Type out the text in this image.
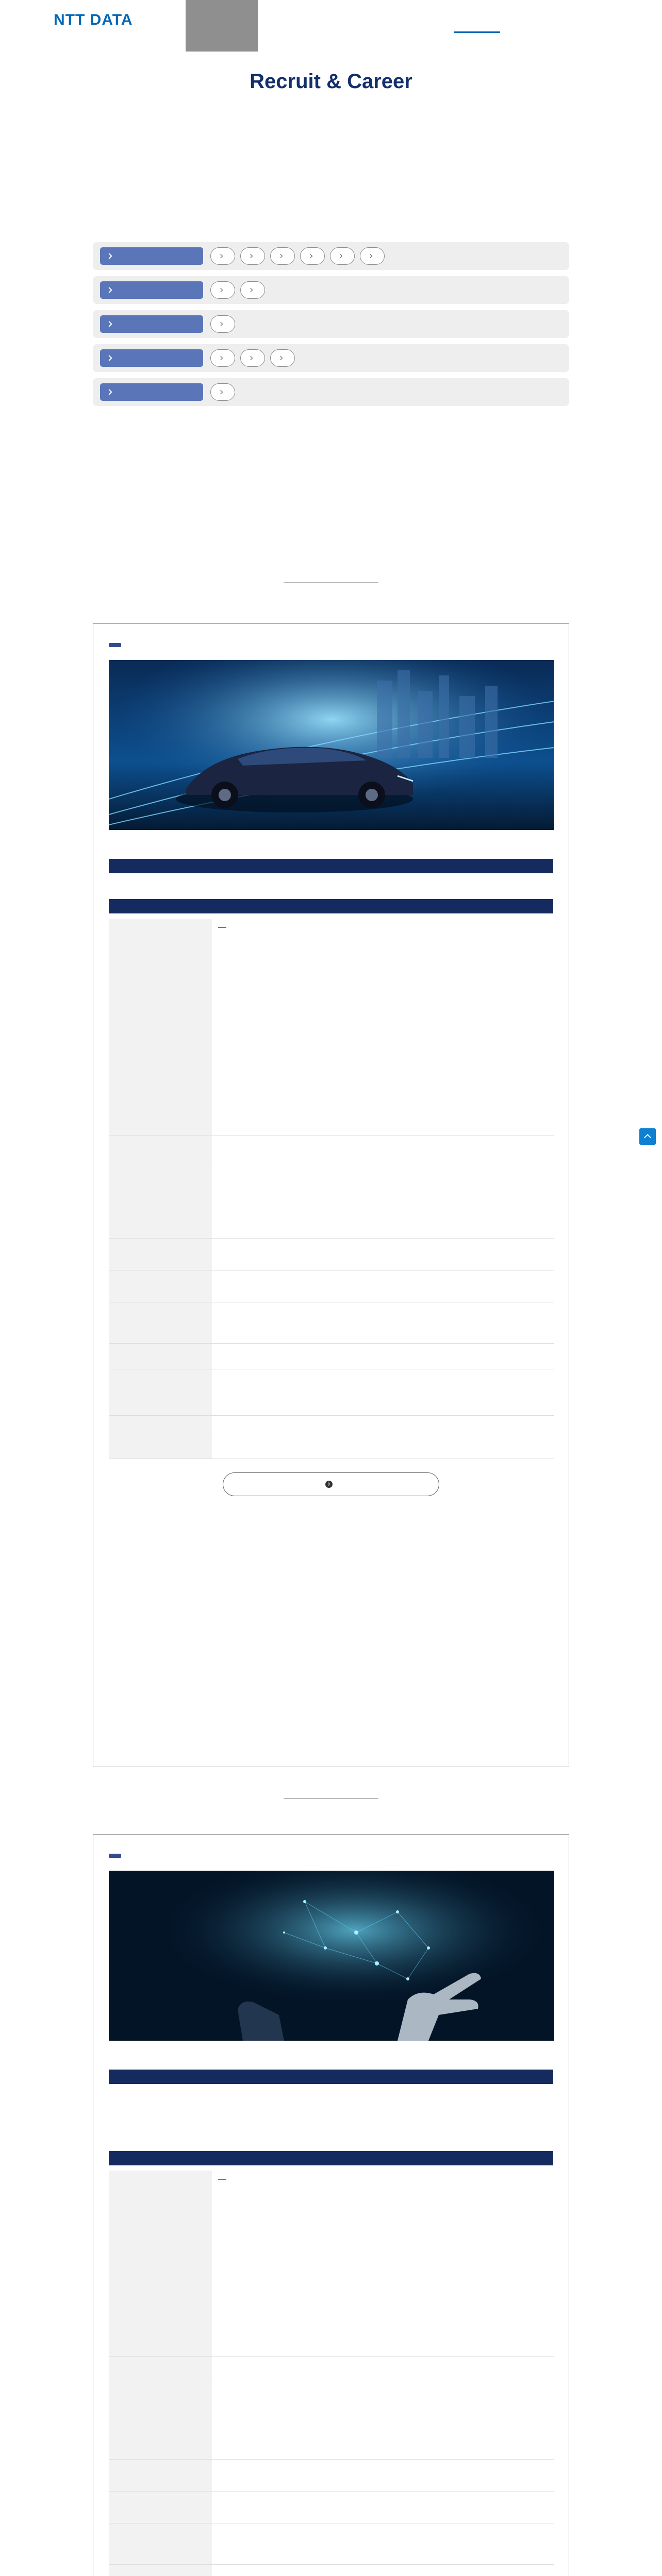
NTT DATA
Recruit & Career
